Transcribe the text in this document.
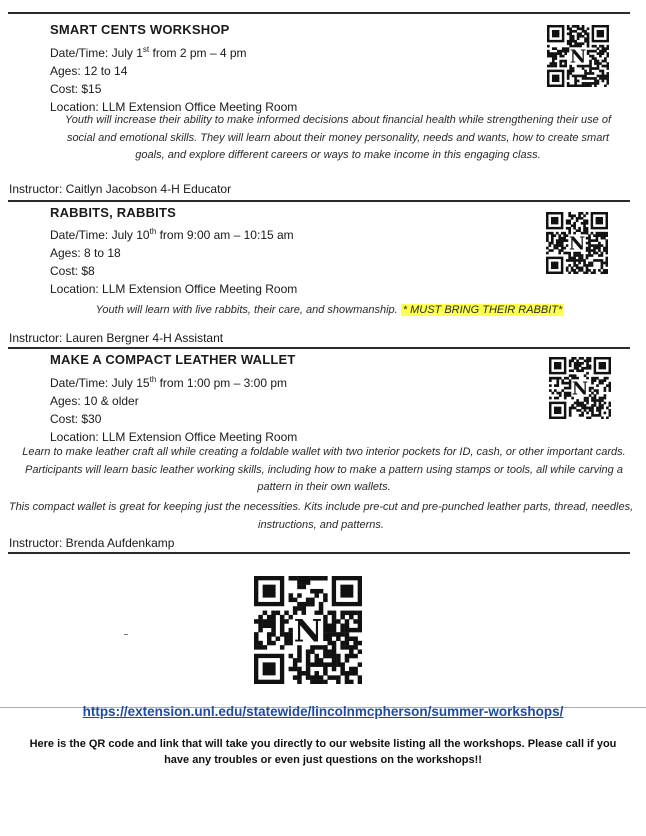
SMART CENTS WORKSHOP
Date/Time: July 1st from 2 pm – 4 pm
Ages: 12 to 14
Cost: $15
Location: LLM Extension Office Meeting Room
Youth will increase their ability to make informed decisions about financial health while strengthening their use of social and emotional skills. They will learn about their money personality, needs and wants, how to create smart goals, and explore different careers or ways to make income in this engaging class.
Instructor: Caitlyn Jacobson 4-H Educator
N
RABBITS, RABBITS
Date/Time: July 10th from 9:00 am – 10:15 am
Ages: 8 to 18
Cost: $8
Location: LLM Extension Office Meeting Room
Youth will learn with live rabbits, their care, and showmanship. * MUST BRING THEIR RABBIT*
Instructor: Lauren Bergner 4-H Assistant
N
MAKE A COMPACT LEATHER WALLET
Date/Time: July 15th from 1:00 pm – 3:00 pm
Ages: 10 & older
Cost: $30
Location: LLM Extension Office Meeting Room
Learn to make leather craft all while creating a foldable wallet with two interior pockets for ID, cash, or other important cards. Participants will learn basic leather working skills, including how to make a pattern using stamps or tools, all while carving a pattern in their own wallets.
This compact wallet is great for keeping just the necessities. Kits include pre-cut and pre-punched leather parts, thread, needles, instructions, and patterns.
Instructor: Brenda Aufdenkamp
N
N
https://extension.unl.edu/statewide/lincolnmcpherson/summer-workshops/
Here is the QR code and link that will take you directly to our website listing all the workshops. Please call if you have any troubles or even just questions on the workshops!!
